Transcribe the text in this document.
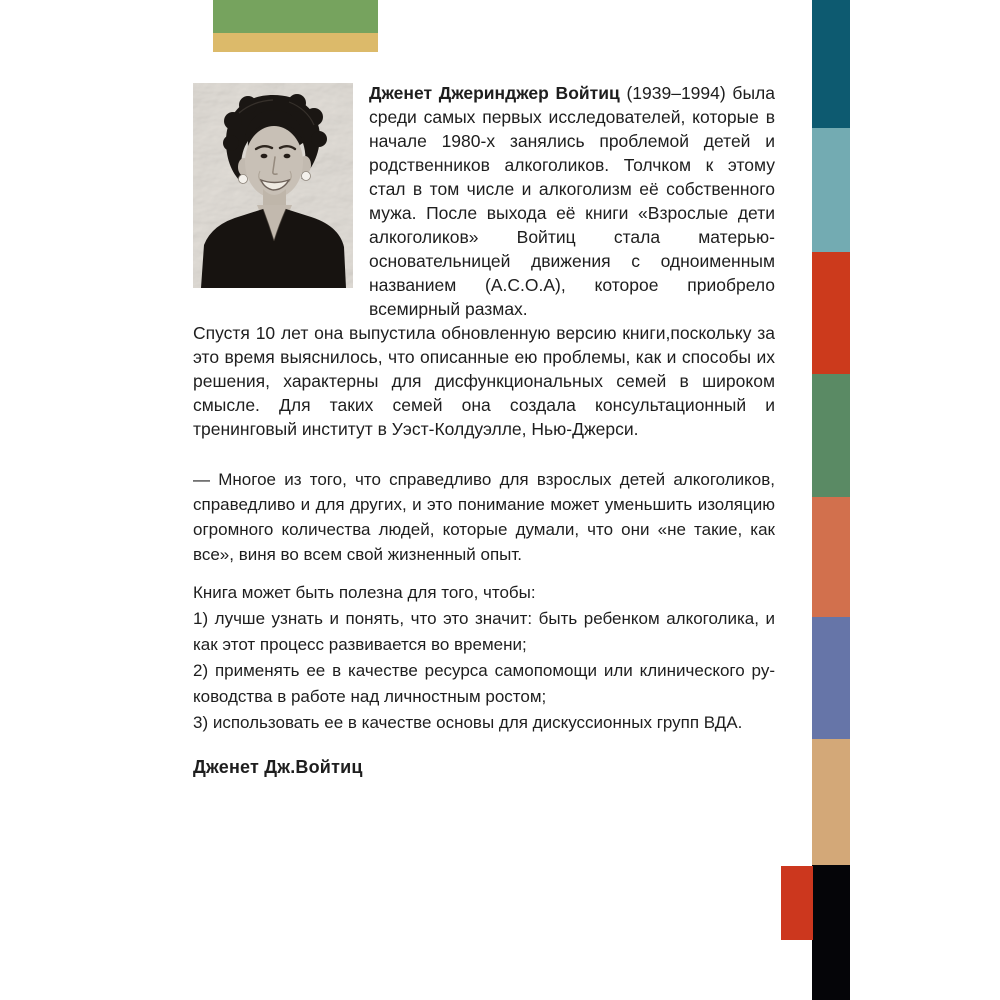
Дженет Джеринджер Войтиц (1939–1994) была среди самых первых исследователей, которые в начале 1980-х занялись проблемой детей и родственников алкоголиков. Толчком к этому стал в том числе и алкоголизм её собственного мужа. После выхода её книги «Взрослые дети алкоголиков» Войтиц стала матерью-основательницей движения с одноименным названием (А.С.О.А), которое приобрело всемирный размах.

Спустя 10 лет она выпустила обновленную версию книги,поскольку за это время выяснилось, что описанные ею проблемы, как и способы их решения, характерны для дисфункциональных семей в широком смысле. Для таких семей она создала консультационный и тренинговый институт в Уэст-Колдуэлле, Нью-Джерси.

— Многое из того, что справедливо для взрослых детей алкоголиков, справедливо и для других, и это понимание может уменьшить изоляцию огромного количества людей, которые думали, что они «не такие, как все», виня во всем свой жизненный опыт.

Книга может быть полезна для того, чтобы:

1) лучше узнать и понять, что это значит: быть ребенком алкоголика, и как этот процесс развивается во времени;

2) применять ее в качестве ресурса самопомощи или клинического руководства в работе над личностным ростом;

3) использовать ее в качестве основы для дискуссионных групп ВДА.

Дженет Дж.Войтиц
